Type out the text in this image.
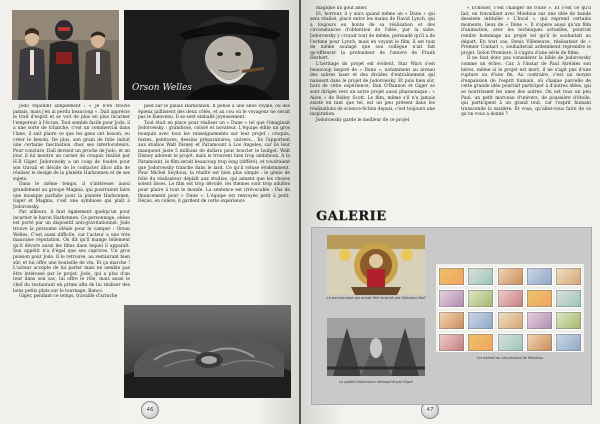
Orson Welles

Jodo répondit simplement : « Je n'en trouve jamais, mais j'en ai perdu beaucoup ». Dalí apprécie le trait d'esprit et se voit de plus en plus incarner l'empereur à l'écran. Tout semble facile pour Jodo, il a une sorte de tchatche, c'est un commercial dans l'âme, il sait plaire ce que les gens ont besoin, ou créer le besoin. De plus, son grain de folie induit une certaine fascination chez ses interlocuteurs. Pour conclure, Dalí devient un proche de Jodo, et un jour, il lui montre un carnet de croquis réalisé par H.R Giger. Jodorowsky a un coup de foudre pour son travail et décide de le contacter illico afin de réaliser le design de la planète Harkonnen et de ses sujets.

Dans le même temps, il s'intéresse aussi grandement au groupe Magma, qui pourraient faire une musique parfaite pour la planète Harkonnen. Giger et Magma, c'est une symbiose qui plaît à Jodorowsky.

Par ailleurs, il faut également quelqu'un pour incarner le baron Harkonnen. Ce personnage, obèse est porté par un dispositif anti-gravitationnel. Jodo trouve la personne idéale pour le camper : Orson Welles. C'est aussi difficile, car l'acteur a une très mauvaise réputation. On dit qu'il mange tellement qu'il dévore aussi les films dans lequel il apparaît. Son appétit n'a d'égal que ses caprices. Un gros poisson pour Jodo. Il le retrouve, au restaurant bien sûr, et lui offre une bouteille de vin. Et ça marche ! L'acteur accepte de lui parler mais ne semble pas être intéressé par le projet. Jodo, qui a plus d'un tour dans son sac, lui offre le rôle, mais aussi le chef du restaurant en prime afin de lui réaliser des bons petits plats sur le tournage. Banco.

Giger, pendant ce temps, travaille d'arrache

pied sur le palais Harkonnen. Il pense à une allée royale, où des épieux jaillissent des deux côtés, et au cou où le voyageur ne serait pas le bienvenu. Il se sent emballé joyeusement.

Tout était en place pour réaliser un « Dune » tel que l'imaginait Jodorowsky : grandiose, coloré et novateur. L'équipe édite un gros bouquin avec tous les renseignements sur leur projet : croquis, textes, peintures, dessins préparatoires, univers... Ils l'apportent aux studios Walt Disney et Paramount à Los Angeles, car ils leur manquent juste 5 millions de dollars pour boucler le budget. Walt Disney adorent le projet, mais le trouvent bien trop ambitieux. A la Paramount, le film serait beaucoup trop long (différé), et voudraient que Jodorowsky tranche dans le lard. Ce qu'il refuse évidemment. Pour Michel Seydoux, la réalité est bien plus simple : le génie de folie du réalisateur déplaît aux studios, qui aiment que les choses soient lisses. Le film est trop dévoilé, les thèmes sont trop adultes pour plaire à tout le monde. La sentence est irrévocable : Pas de financement pour « Dune ». L'équipe est renvoyée petit à petit. Déçus, en colère, il gardent de cette expérience

46

magique un goût amer.

Et, horreur, il y aura quand même un « Dune » qui sera réalisé, placé entre les mains de David Lynch, qui a toujours eu honte de sa réalisation et des circonstances d'obtention de l'idée, par la suite. Jodorowsky y croyait tout de même, persuadé qu'il a de l'estime pour Lynch, mais en voyant le film, il est tout de même soulagé que son collègue n'ait fait qu'effleurer la profondeur de l'œuvre de Frank Herbert.

L'héritage du projet est évident. Star Wars s'est beaucoup inspiré de « Dune », notamment au niveau des sabres laser et des droïdes d'entraînement qui naissent dans le projet de Jodorowsky. Et puis bien sûr, hors de cette expérience, Dan O'Bannon et Giger se sont dirigés vers un autre projet aussi pharaonique : « Alien » de Ridley Scott. Le film, même s'il n'a jamais existé en tant que tel, est un peu présent dans les réalisations de science-fiction depuis, c'est toujours une inspiration.

Jodorowsky garde le meilleur de ce projet

« Échouer, c'est changer de route ». Et c'est ce qu'il fait, en travaillant avec Moebius sur une idée de bande dessinée intitulée « L'Incal », qui reprend certains moments, lieux de « Dune ». Il s'opère aussi qu'un film d'animation, avec les techniques actuelles, pourrait rendre hommage au projet tel qu'il le souhaitait au départ. En tout cas, Denis Villeneuve, réalisateur de « Premier Contact », souhaiterait ardemment reprendre le projet. Selon Premiere, il s'agira d'une série de films.

Il ne faut donc pas considérer la bible de Jodorowsky comme un échec. Car, à l'instar de Paul Atréides son héros, même si le projet est mort, il ne s'agit pas d'une rupture ou d'une fin. Au contraire, c'est un moyen d'expansion de l'esprit humain, où chaque parcelle de cette grande idée pourrait participer à d'autres idées, qui se nourrissent les unes des autres. On est tous un peu Paul, un petit morceau d'univers, de poussière d'étoile, qui participent à un grand tout, car l'esprit humain transcende la matière. Et vous, qu'allez-vous faire de ce qu'on vous a donné ?

47
GALERIE
Le personnage qui aurait été incarné par Salvador Dalí
Le palais Harkonnen réimaginé par Giger
Un extrait du storyboard de Moebius
